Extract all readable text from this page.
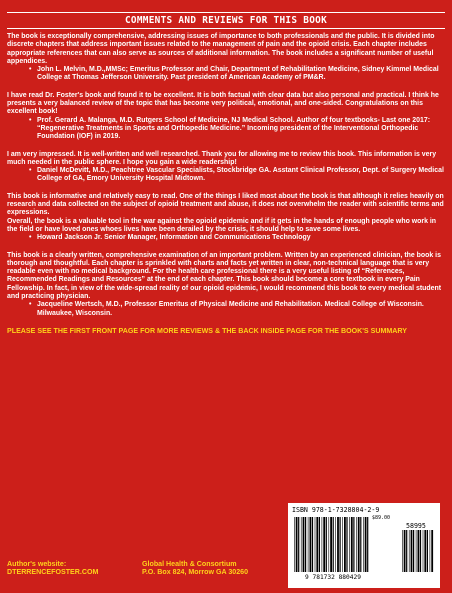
COMMENTS AND REVIEWS FOR THIS BOOK

The book is exceptionally comprehensive, addressing issues of importance to both professionals and the public. It is divided into discrete chapters that address important issues related to the management of pain and the opioid crisis. Each chapter includes appropriate references that can also serve as sources of additional information. The book includes a significant number of useful appendices.

• John L. Melvin, M.D.,MMSc; Emeritus Professor and Chair, Department of Rehabilitation Medicine, Sidney Kimmel Medical College at Thomas Jefferson University. Past president of American Academy of PM&R.

I have read Dr. Foster's book and found it to be excellent. It is both factual with clear data but also personal and practical. I think he presents a very balanced review of the topic that has become very political, emotional, and one-sided. Congratulations on this excellent book!

• Prof. Gerard A. Malanga, M.D. Rutgers School of Medicine, NJ Medical School. Author of four textbooks- Last one 2017: “Regenerative Treatments in Sports and Orthopedic Medicine.” Incoming president of the Interventional Orthopedic Foundation (IOF) in 2019.

I am very impressed. It is well-written and well researched. Thank you for allowing me to review this book. This information is very much needed in the public sphere. I hope you gain a wide readership!

• Daniel McDevitt, M.D., Peachtree Vascular Specialists, Stockbridge GA. Asstant Clinical Professor, Dept. of Surgery Medical College of GA, Emory University Hospital Midtown.

This book is informative and relatively easy to read. One of the things I liked most about the book is that although it relies heavily on research and data collected on the subject of opioid treatment and abuse, it does not overwhelm the reader with scientific terms and expressions.

Overall, the book is a valuable tool in the war against the opioid epidemic and if it gets in the hands of enough people who work in the field or have loved ones whoes lives have been derailed by the crisis, it should help to save some lives.

• Howard Jackson Jr. Senior Manager, Information and Communications Technology

This book is a clearly written, comprehensive examination of an important problem. Written by an experienced clinician, the book is thorough and thoughtful. Each chapter is sprinkled with charts and facts yet written in clear, non-technical language that is very readable even with no medical background. For the health care professional there is a very useful listing of “References, Recommended Readings and Resources” at the end of each chapter. This book should become a core textbook in every Pain Fellowship. In fact, in view of the wide-spread reality of our opioid epidemic, I would recommend this book to every medical student and practicing physician.

• Jacqueline Wertsch, M.D., Professor Emeritus of Physical Medicine and Rehabilitation. Medical College of Wisconsin. Milwaukee, Wisconsin.
PLEASE SEE THE FIRST FRONT PAGE FOR MORE REVIEWS & THE BACK INSIDE PAGE FOR THE BOOK'S SUMMARY
ISBN 978-1-7328804-2-9
$89.00
58995
9 781732 880429
Author's website:
DTERRENCEFOSTER.COM
Global Health & Consortium
P.O. Box 824, Morrow GA 30260
